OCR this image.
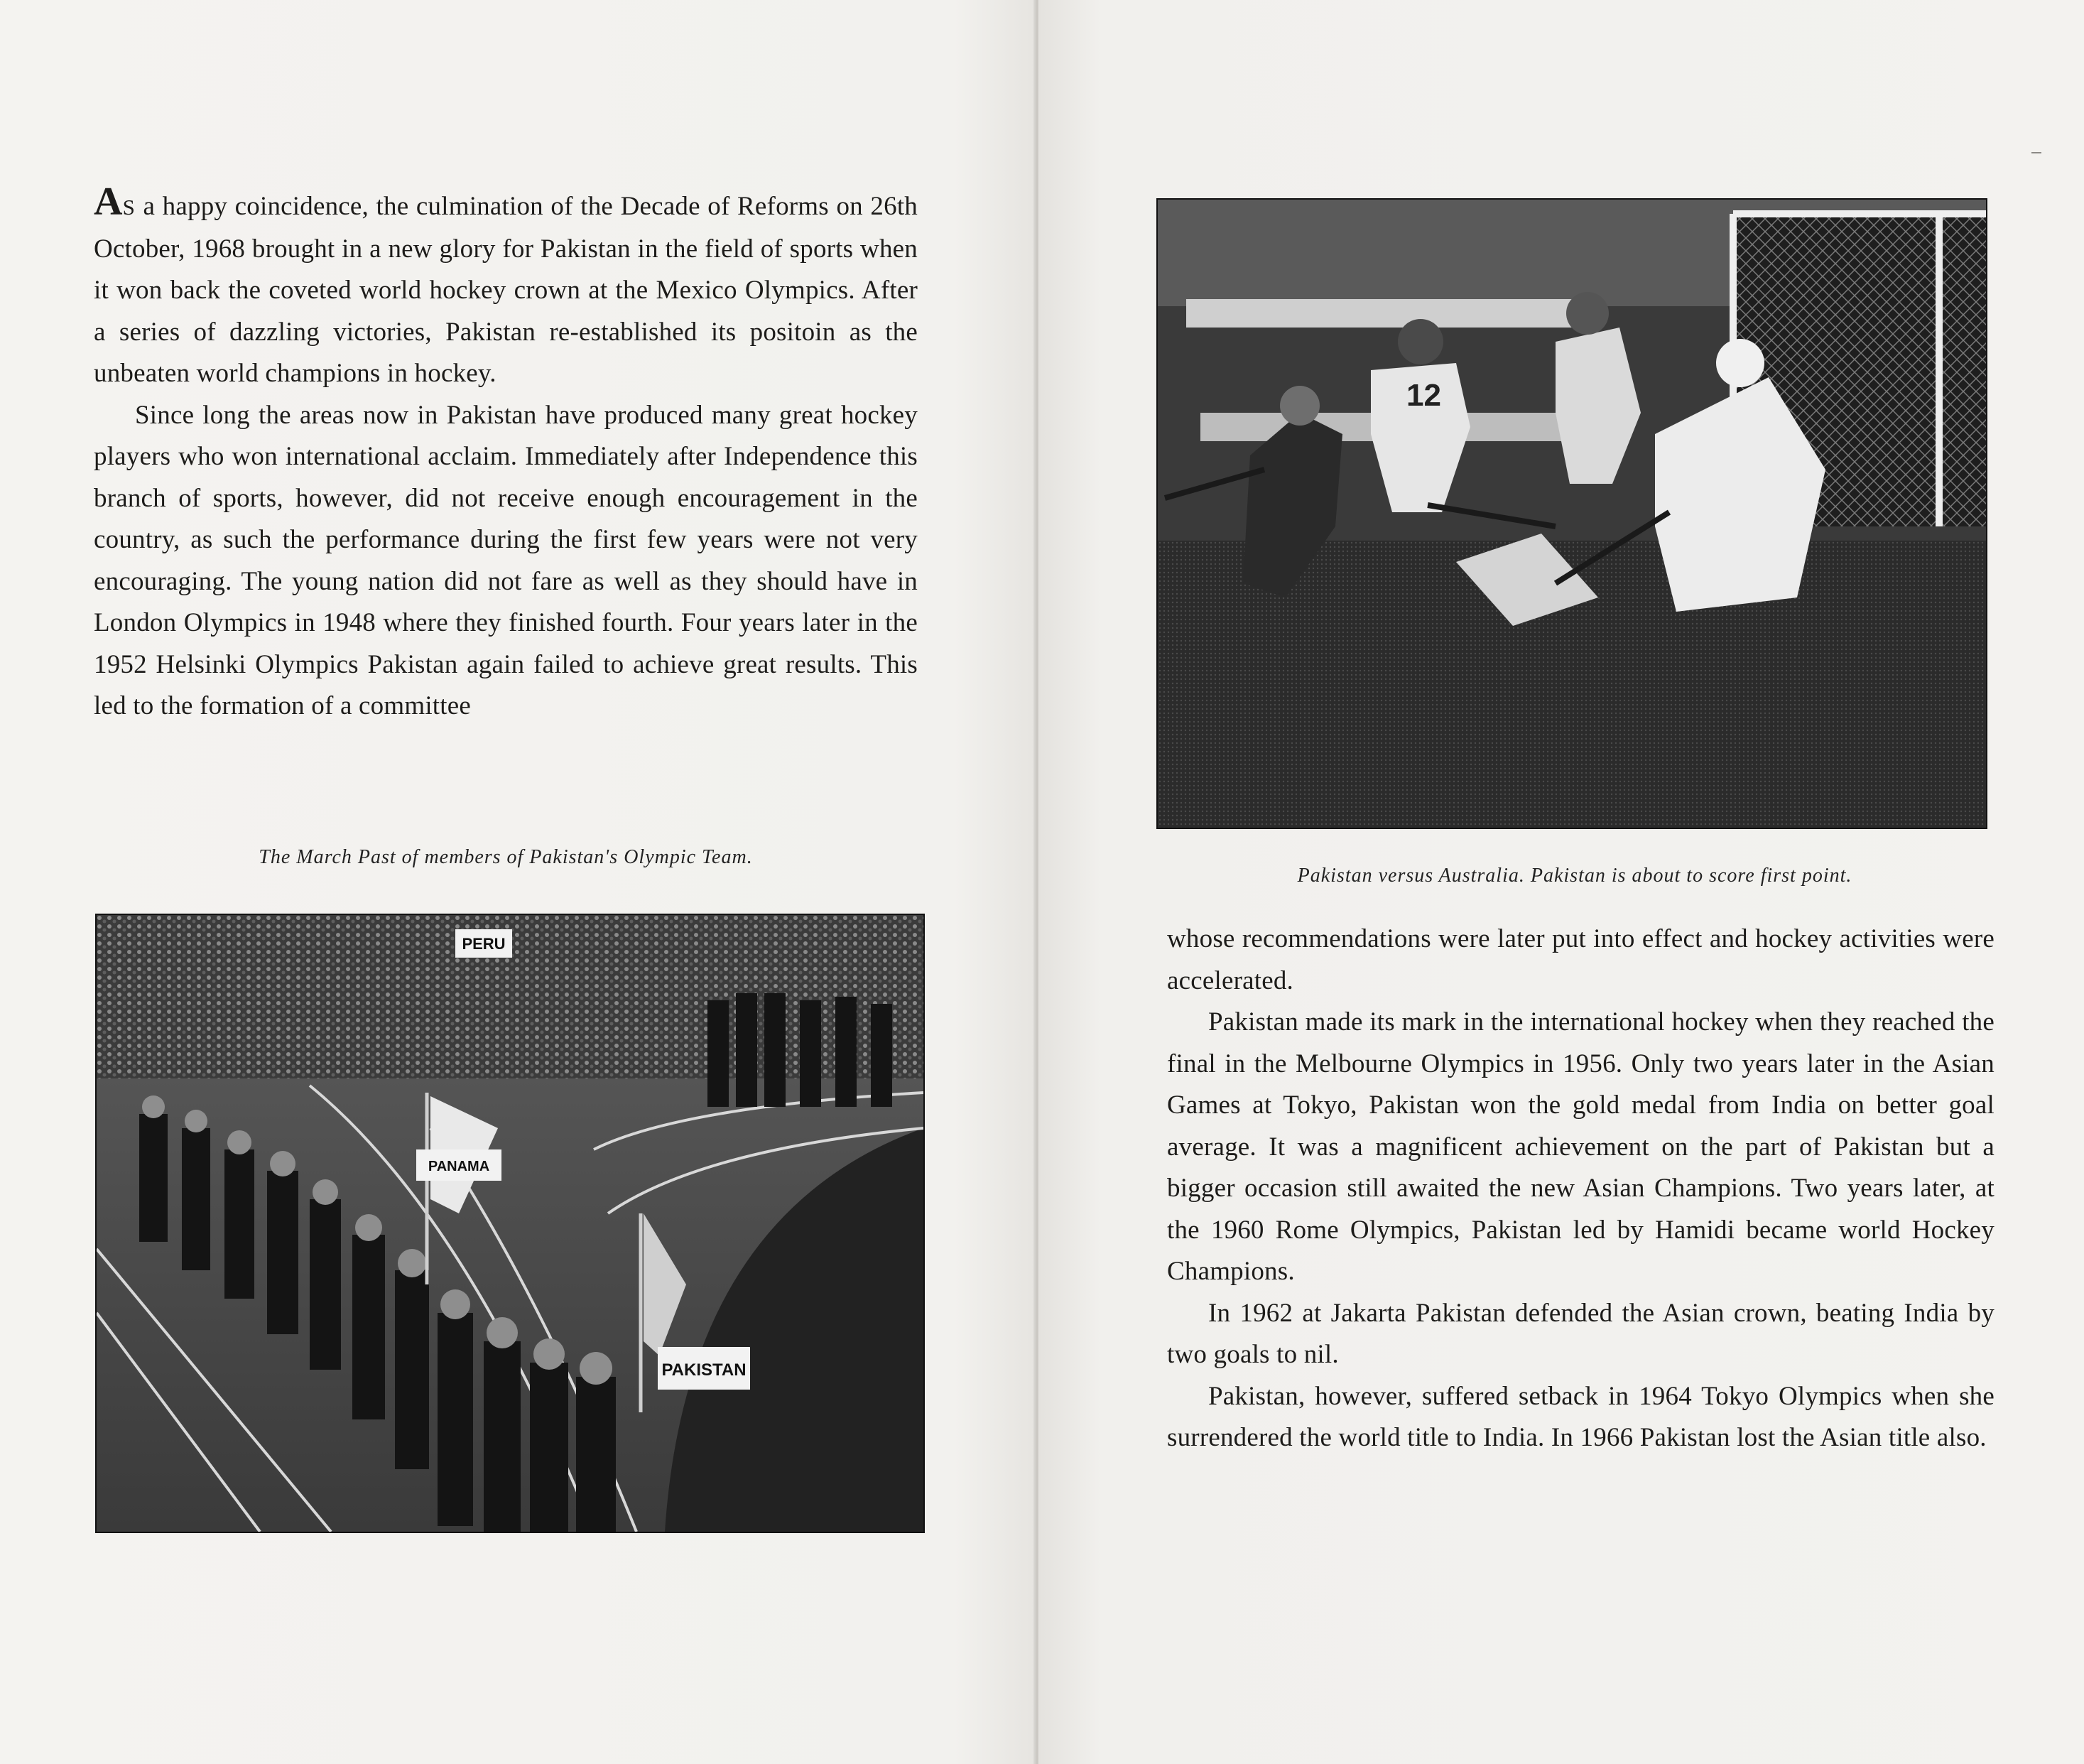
AS a happy coincidence, the culmination of the Decade of Reforms on 26th October, 1968 brought in a new glory for Pakistan in the field of sports when it won back the coveted world hockey crown at the Mexico Olympics. After a series of dazzling victories, Pakistan re-established its positoin as the unbeaten world champions in hockey.

Since long the areas now in Pakistan have produced many great hockey players who won international acclaim. Immediately after Independence this branch of sports, however, did not receive enough encouragement in the country, as such the performance during the first few years were not very encouraging. The young nation did not fare as well as they should have in London Olympics in 1948 where they finished fourth. Four years later in the 1952 Helsinki Olympics Pakistan again failed to achieve great results. This led to the formation of a committee

The March Past of members of Pakistan's Olympic Team.
PERU
PANAMA
PAKISTAN
12
Pakistan versus Australia. Pakistan is about to score first point.

whose recommendations were later put into effect and hockey activities were accelerated.

Pakistan made its mark in the international hockey when they reached the final in the Melbourne Olympics in 1956. Only two years later in the Asian Games at Tokyo, Pakistan won the gold medal from India on better goal average. It was a magnificent achievement on the part of Pakistan but a bigger occasion still awaited the new Asian Champions. Two years later, at the 1960 Rome Olympics, Pakistan led by Hamidi became world Hockey Champions.

In 1962 at Jakarta Pakistan defended the Asian crown, beating India by two goals to nil.

Pakistan, however, suffered setback in 1964 Tokyo Olympics when she surrendered the world title to India. In 1966 Pakistan lost the Asian title also.
